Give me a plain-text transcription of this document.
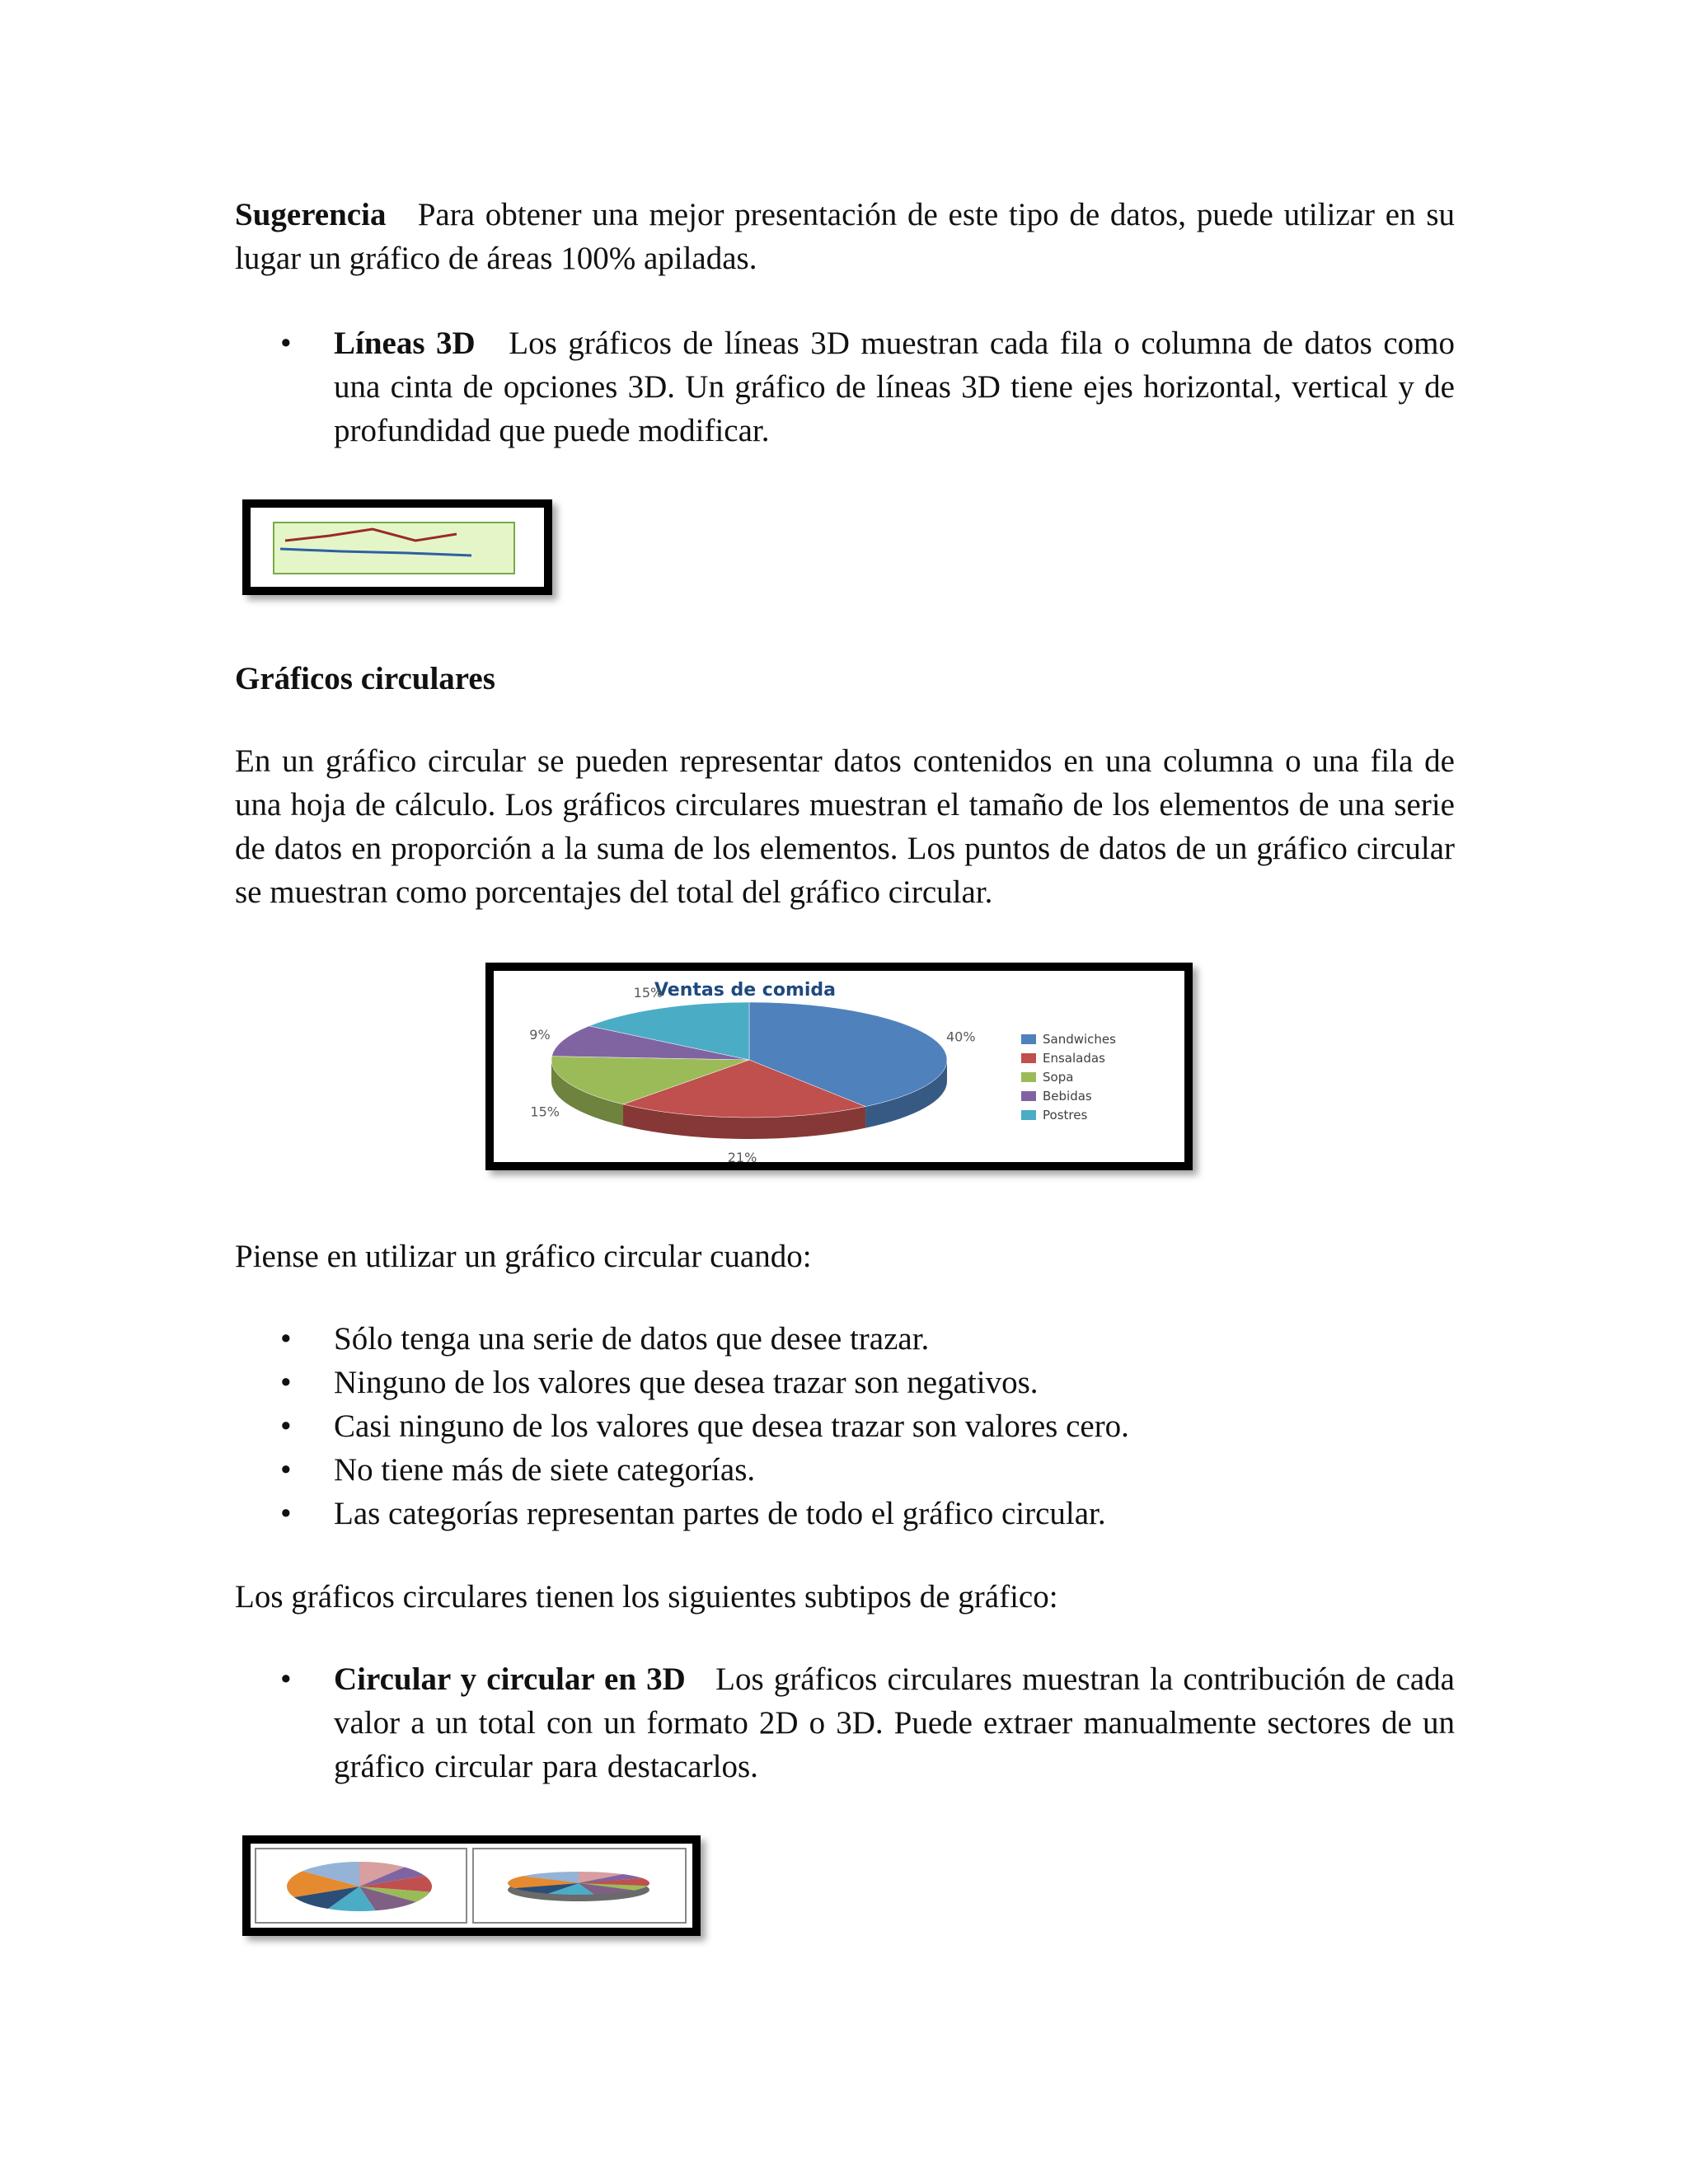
Sugerencia Para obtener una mejor presentación de este tipo de datos, puede utilizar en su lugar un gráfico de áreas 100% apiladas.

•	Líneas 3D Los gráficos de líneas 3D muestran cada fila o columna de datos como una cinta de opciones 3D. Un gráfico de líneas 3D tiene ejes horizontal, vertical y de profundidad que puede modificar.
Gráficos circulares

En un gráfico circular se pueden representar datos contenidos en una columna o una fila de una hoja de cálculo. Los gráficos circulares muestran el tamaño de los elementos de una serie de datos en proporción a la suma de los elementos. Los puntos de datos de un gráfico circular se muestran como porcentajes del total del gráfico circular.

Ventas de comida
40%
21%
15%
9%
15%
Sandwiches
Ensaladas
Sopa
Bebidas
Postres

Piense en utilizar un gráfico circular cuando:

• Sólo tenga una serie de datos que desee trazar.
• Ninguno de los valores que desea trazar son negativos.
• Casi ninguno de los valores que desea trazar son valores cero.
• No tiene más de siete categorías.
• Las categorías representan partes de todo el gráfico circular.

Los gráficos circulares tienen los siguientes subtipos de gráfico:

•	Circular y circular en 3D Los gráficos circulares muestran la contribución de cada valor a un total con un formato 2D o 3D. Puede extraer manualmente sectores de un gráfico circular para destacarlos.
